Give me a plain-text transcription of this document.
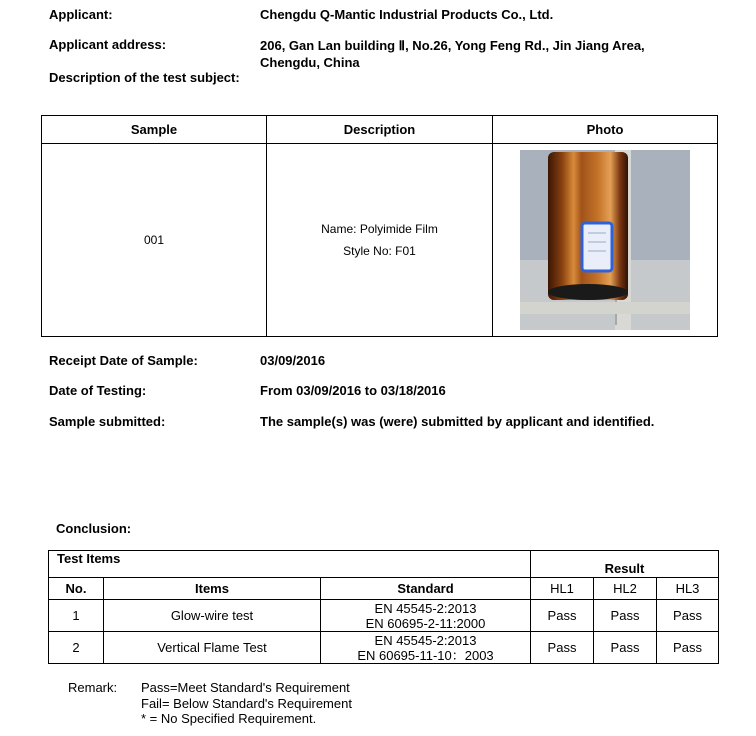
Applicant:	Chengdu Q-Mantic Industrial Products Co., Ltd.
Applicant address:	206, Gan Lan building Ⅱ, No.26, Yong Feng Rd., Jin Jiang Area,
Chengdu, China
Description of the test subject:
Sample	Description	Photo
001	Name: Polyimide Film
Style No: F01

Receipt Date of Sample:	03/09/2016
Date of Testing:	From 03/09/2016 to 03/18/2016
Sample submitted:	The sample(s) was (were) submitted by applicant and identified.
Conclusion:
Test Items			Result		
No.	Items	Standard	HL1	HL2	HL3
1	Glow-wire test	EN 45545-2:2013
EN 60695-2-11:2000	Pass	Pass	Pass
2	Vertical Flame Test	EN 45545-2:2013
EN 60695-11-10：2003	Pass	Pass	Pass
Remark: Pass=Meet Standard's Requirement
Fail= Below Standard's Requirement
* = No Specified Requirement.
